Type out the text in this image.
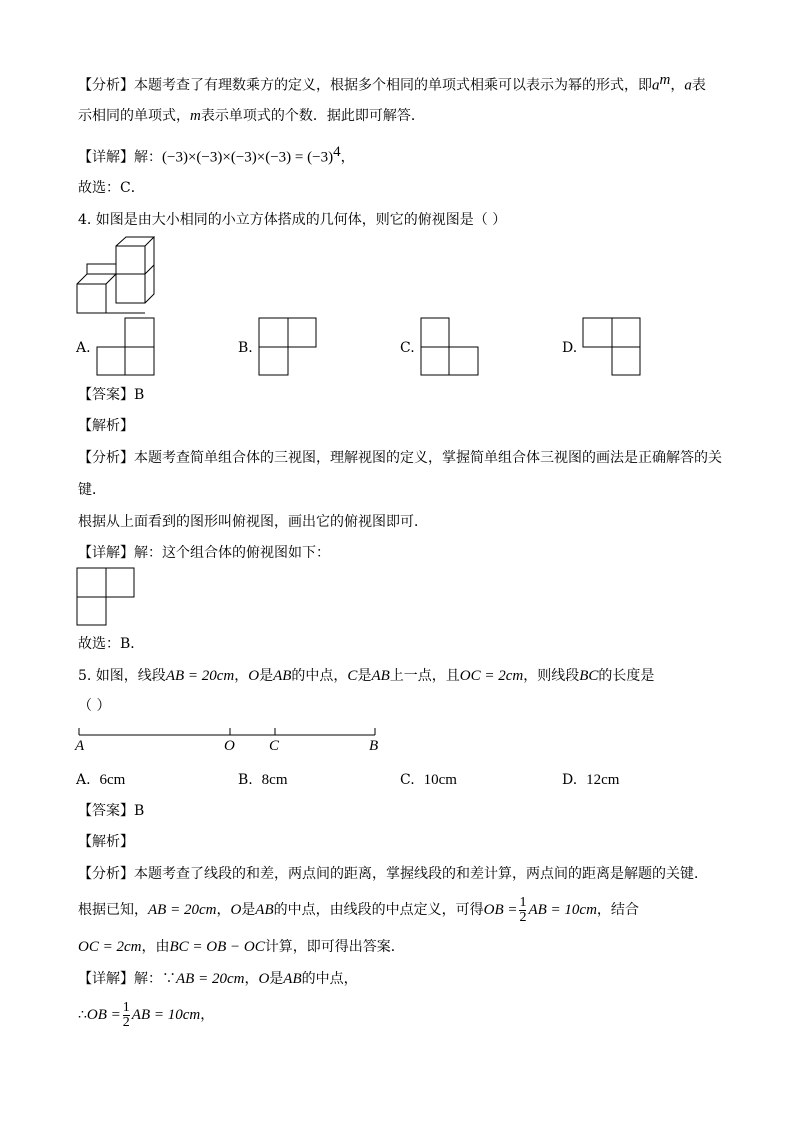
【分析】本题考查了有理数乘方的定义，根据多个相同的单项式相乘可以表示为幂的形式，即$a^m$，a表
示相同的单项式，m表示单项式的个数．据此即可解答．
【详解】解：$(-3)\times(-3)\times(-3)\times(-3) = (-3)^4$，
故选：C．
4. 如图是由大小相同的小立方体搭成的几何体，则它的俯视图是（ ）
A.	B.	C.	D.
【答案】B
【解析】
【分析】本题考查简单组合体的三视图，理解视图的定义，掌握简单组合体三视图的画法是正确解答的关
键．
根据从上面看到的图形叫俯视图，画出它的俯视图即可．
【详解】解：这个组合体的俯视图如下：
故选：B．
5. 如图，线段AB = 20cm，O是AB的中点，C是AB上一点，且OC = 2cm，则线段BC的长度是
（ ）
A	O C	B
A. 6cm	B. 8cm	C. 10cm	D. 12cm
【答案】B
【解析】
【分析】本题考查了线段的和差，两点间的距离，掌握线段的和差计算，两点间的距离是解题的关键．
根据已知，AB = 20cm，O是AB的中点，由线段的中点定义，可得OB = $\frac{1}{2}$ AB = 10cm，结合
OC = 2cm，由BC = OB − OC计算，即可得出答案．
【详解】解：∵AB = 20cm，O是AB的中点，
∴OB = $\frac{1}{2}$ AB = 10cm，
